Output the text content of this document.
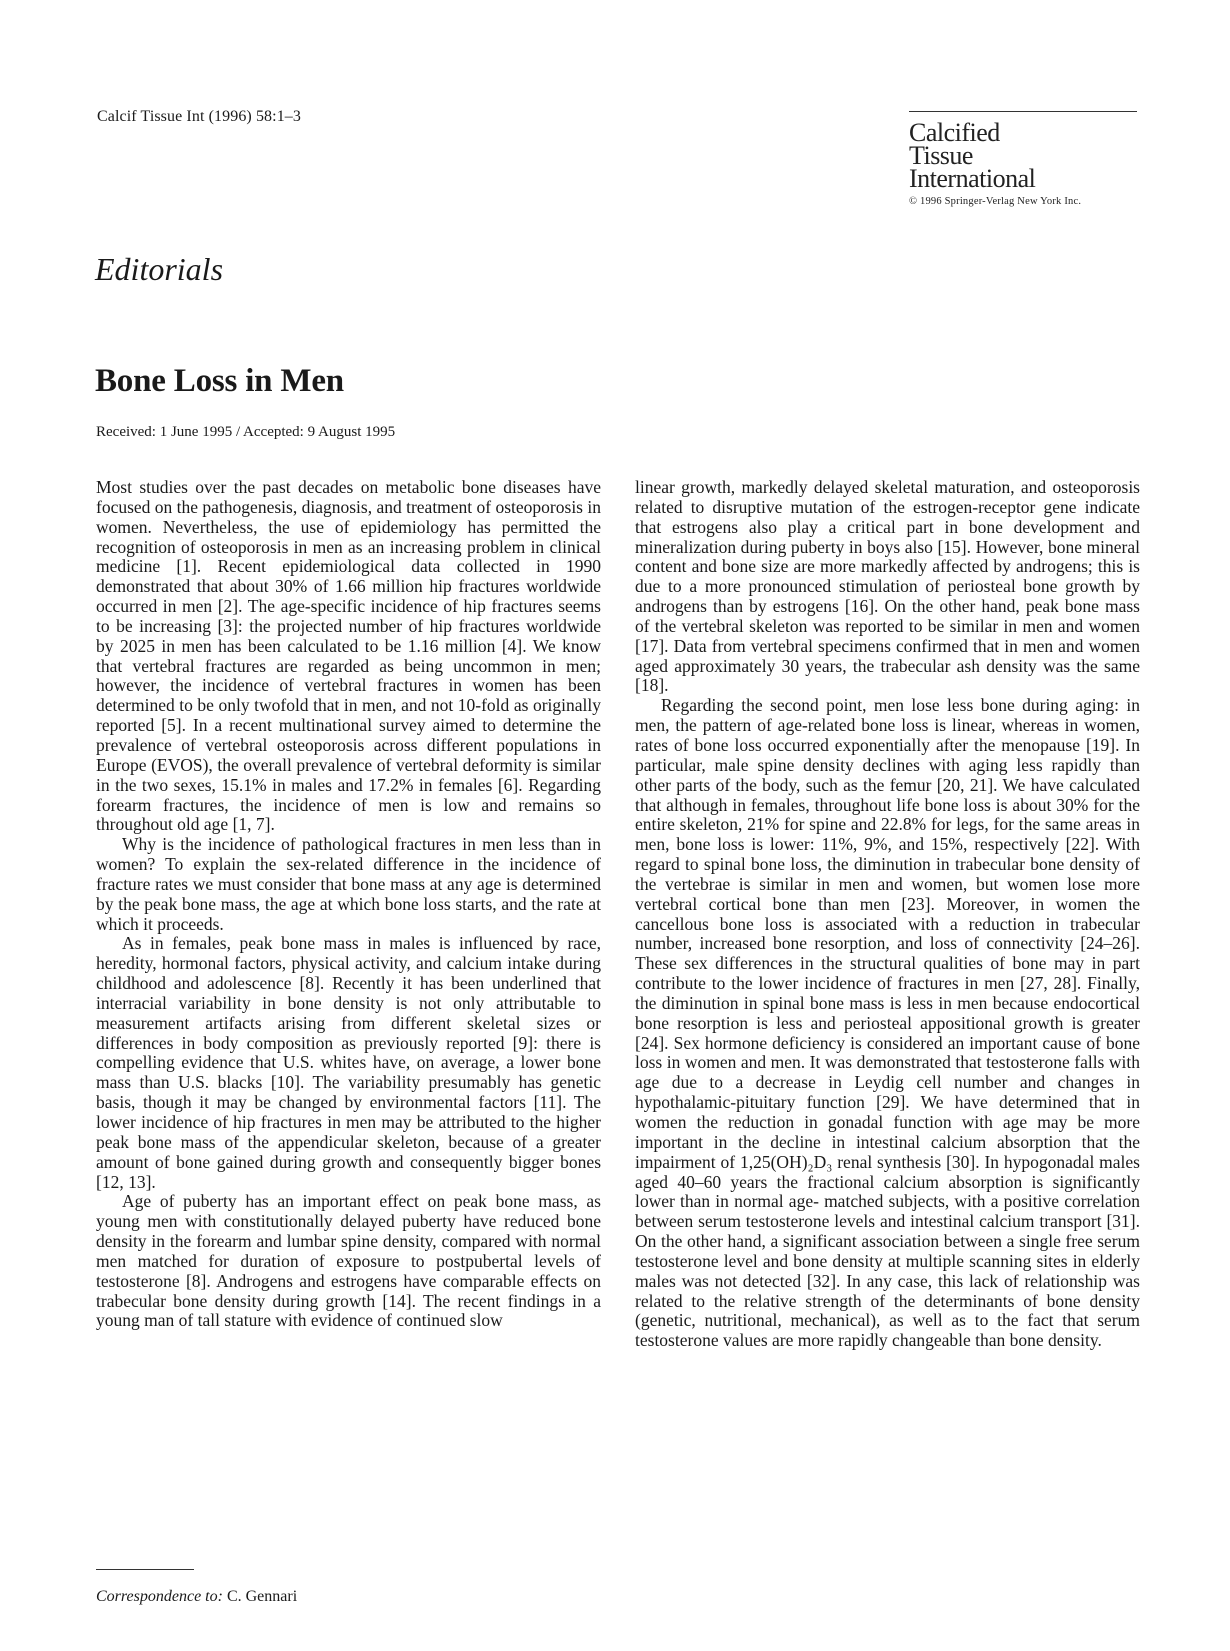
Calcif Tissue Int (1996) 58:1–3
Calcified
Tissue
International
© 1996 Springer-Verlag New York Inc.
Editorials
Bone Loss in Men
Received: 1 June 1995 / Accepted: 9 August 1995

Most studies over the past decades on metabolic bone diseases have focused on the pathogenesis, diagnosis, and treatment of osteoporosis in women. Nevertheless, the use of epidemiology has permitted the recognition of osteoporosis in men as an increasing problem in clinical medicine [1]. Recent epidemiological data collected in 1990 demonstrated that about 30% of 1.66 million hip fractures worldwide occurred in men [2]. The age-specific incidence of hip fractures seems to be increasing [3]: the projected number of hip fractures worldwide by 2025 in men has been calculated to be 1.16 million [4]. We know that vertebral fractures are regarded as being uncommon in men; however, the incidence of vertebral fractures in women has been determined to be only twofold that in men, and not 10-fold as originally reported [5]. In a recent multinational survey aimed to determine the prevalence of vertebral osteoporosis across different populations in Europe (EVOS), the overall prevalence of vertebral deformity is similar in the two sexes, 15.1% in males and 17.2% in females [6]. Regarding forearm fractures, the incidence of men is low and remains so throughout old age [1, 7].

Why is the incidence of pathological fractures in men less than in women? To explain the sex-related difference in the incidence of fracture rates we must consider that bone mass at any age is determined by the peak bone mass, the age at which bone loss starts, and the rate at which it proceeds.

As in females, peak bone mass in males is influenced by race, heredity, hormonal factors, physical activity, and calcium intake during childhood and adolescence [8]. Recently it has been underlined that interracial variability in bone density is not only attributable to measurement artifacts arising from different skeletal sizes or differences in body composition as previously reported [9]: there is compelling evidence that U.S. whites have, on average, a lower bone mass than U.S. blacks [10]. The variability presumably has genetic basis, though it may be changed by environmental factors [11]. The lower incidence of hip fractures in men may be attributed to the higher peak bone mass of the appendicular skeleton, because of a greater amount of bone gained during growth and consequently bigger bones [12, 13].

Age of puberty has an important effect on peak bone mass, as young men with constitutionally delayed puberty have reduced bone density in the forearm and lumbar spine density, compared with normal men matched for duration of exposure to postpubertal levels of testosterone [8]. Androgens and estrogens have comparable effects on trabecular bone density during growth [14]. The recent findings in a young man of tall stature with evidence of continued slow

linear growth, markedly delayed skeletal maturation, and osteoporosis related to disruptive mutation of the estrogen-receptor gene indicate that estrogens also play a critical part in bone development and mineralization during puberty in boys also [15]. However, bone mineral content and bone size are more markedly affected by androgens; this is due to a more pronounced stimulation of periosteal bone growth by androgens than by estrogens [16]. On the other hand, peak bone mass of the vertebral skeleton was reported to be similar in men and women [17]. Data from vertebral specimens confirmed that in men and women aged approximately 30 years, the trabecular ash density was the same [18].

Regarding the second point, men lose less bone during aging: in men, the pattern of age-related bone loss is linear, whereas in women, rates of bone loss occurred exponentially after the menopause [19]. In particular, male spine density declines with aging less rapidly than other parts of the body, such as the femur [20, 21]. We have calculated that although in females, throughout life bone loss is about 30% for the entire skeleton, 21% for spine and 22.8% for legs, for the same areas in men, bone loss is lower: 11%, 9%, and 15%, respectively [22]. With regard to spinal bone loss, the diminution in trabecular bone density of the vertebrae is similar in men and women, but women lose more vertebral cortical bone than men [23]. Moreover, in women the cancellous bone loss is associated with a reduction in trabecular number, increased bone resorption, and loss of connectivity [24–26]. These sex differences in the structural qualities of bone may in part contribute to the lower incidence of fractures in men [27, 28]. Finally, the diminution in spinal bone mass is less in men because endocortical bone resorption is less and periosteal appositional growth is greater [24]. Sex hormone deficiency is considered an important cause of bone loss in women and men. It was demonstrated that testosterone falls with age due to a decrease in Leydig cell number and changes in hypothalamic-pituitary function [29]. We have determined that in women the reduction in gonadal function with age may be more important in the decline in intestinal calcium absorption that the impairment of 1,25(OH)₂D₃ renal synthesis [30]. In hypogonadal males aged 40–60 years the fractional calcium absorption is significantly lower than in normal age- matched subjects, with a positive correlation between serum testosterone levels and intestinal calcium transport [31]. On the other hand, a significant association between a single free serum testosterone level and bone density at multiple scanning sites in elderly males was not detected [32]. In any case, this lack of relationship was related to the relative strength of the determinants of bone density (genetic, nutritional, mechanical), as well as to the fact that serum testosterone values are more rapidly changeable than bone density.

Correspondence to: C. Gennari
